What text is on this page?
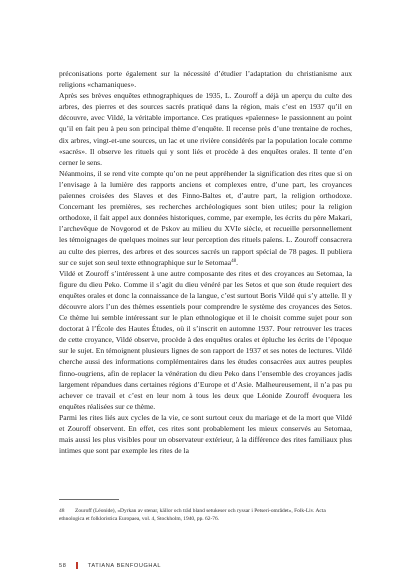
préconisations porte également sur la nécessité d’étudier l’adaptation du christianisme aux religions «chamaniques».

Après ses brèves enquêtes ethnographiques de 1935, L. Zouroff a déjà un aperçu du culte des arbres, des pierres et des sources sacrés pratiqué dans la région, mais c’est en 1937 qu’il en découvre, avec Vildé, la véritable importance. Ces pratiques «païennes» le passionnent au point qu’il en fait peu à peu son principal thème d’enquête. Il recense près d’une trentaine de roches, dix arbres, vingt-et-une sources, un lac et une rivière considérés par la population locale comme «sacrés». Il observe les rituels qui y sont liés et procède à des enquêtes orales. Il tente d’en cerner le sens.

Néanmoins, il se rend vite compte qu’on ne peut appréhender la signification des rites que si on l’envisage à la lumière des rapports anciens et complexes entre, d’une part, les croyances païennes croisées des Slaves et des Finno-Baltes et, d’autre part, la religion orthodoxe. Concernant les premières, ses recherches archéologiques sont bien utiles; pour la religion orthodoxe, il fait appel aux données historiques, comme, par exemple, les écrits du père Makari, l’archevêque de Novgorod et de Pskov au milieu du XVIe siècle, et recueille personnellement les témoignages de quelques moines sur leur perception des rituels païens. L. Zouroff consacrera au culte des pierres, des arbres et des sources sacrés un rapport spécial de 78 pages. Il publiera sur ce sujet son seul texte ethnographique sur le Setomaa$^{48}$.

Vildé et Zouroff s’intéressent à une autre composante des rites et des croyances au Setomaa, la figure du dieu Peko. Comme il s’agit du dieu vénéré par les Setos et que son étude requiert des enquêtes orales et donc la connaissance de la langue, c’est surtout Boris Vildé qui s’y attelle. Il y découvre alors l’un des thèmes essentiels pour comprendre le système des croyances des Setos. Ce thème lui semble intéressant sur le plan ethnologique et il le choisit comme sujet pour son doctorat à l’École des Hautes Études, où il s’inscrit en automne 1937. Pour retrouver les traces de cette croyance, Vildé observe, procède à des enquêtes orales et épluche les écrits de l’époque sur le sujet. En témoignent plusieurs lignes de son rapport de 1937 et ses notes de lectures. Vildé cherche aussi des informations complémentaires dans les études consacrées aux autres peuples finno-ougriens, afin de replacer la vénération du dieu Peko dans l’ensemble des croyances jadis largement répandues dans certaines régions d’Europe et d’Asie. Malheureusement, il n’a pas pu achever ce travail et c’est en leur nom à tous les deux que Léonide Zouroff évoquera les enquêtes réalisées sur ce thème.

Parmi les rites liés aux cycles de la vie, ce sont surtout ceux du mariage et de la mort que Vildé et Zouroff observent. En effet, ces rites sont probablement les mieux conservés au Setomaa, mais aussi les plus visibles pour un observateur extérieur, à la différence des rites familiaux plus intimes que sont par exemple les rites de la

48 Zouroff (Léonide), «Dyrkan av stenar, källor och träd bland setukeser och ryssar i Petseri-området», Folk-Liv. Acta ethnologica et folkloristica Europaea, vol. 4, Stockholm, 1940, pp. 62-76.
58	TATIANA BENFOUGHAL
